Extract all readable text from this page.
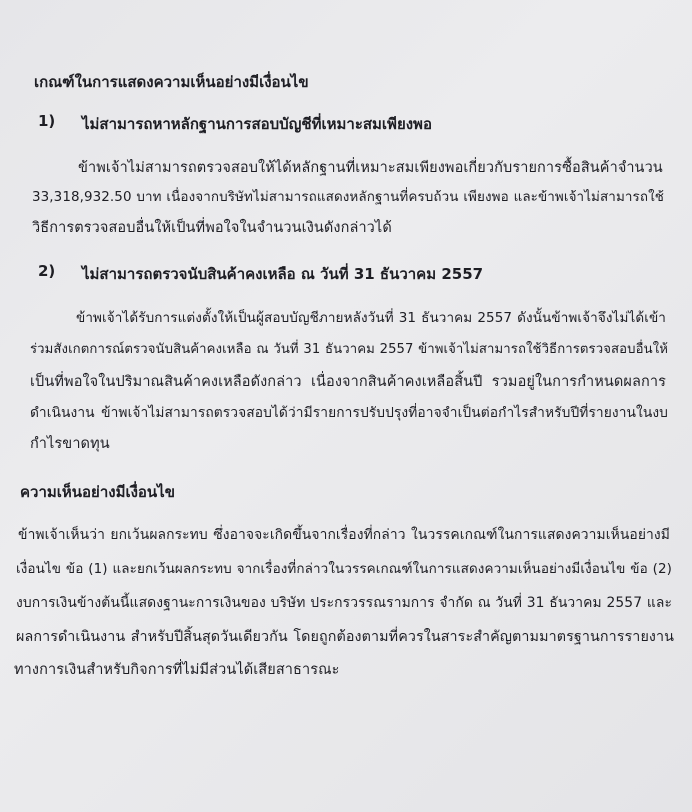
เกณฑ์ในการแสดงความเห็นอย่างมีเงื่อนไข
1) ไม่สามารถหาหลักฐานการสอบบัญชีที่เหมาะสมเพียงพอ

ข้าพเจ้าไม่สามารถตรวจสอบให้ได้หลักฐานที่เหมาะสมเพียงพอเกี่ยวกับรายการซื้อสินค้าจำนวน

33,318,932.50 บาท เนื่องจากบริษัทไม่สามารถแสดงหลักฐานที่ครบถ้วน เพียงพอ และข้าพเจ้าไม่สามารถใช้

วิธีการตรวจสอบอื่นให้เป็นที่พอใจในจำนวนเงินดังกล่าวได้

2) ไม่สามารถตรวจนับสินค้าคงเหลือ ณ วันที่ 31 ธันวาคม 2557

ข้าพเจ้าได้รับการแต่งตั้งให้เป็นผู้สอบบัญชีภายหลังวันที่ 31 ธันวาคม 2557 ดังนั้นข้าพเจ้าจึงไม่ได้เข้า

ร่วมสังเกตการณ์ตรวจนับสินค้าคงเหลือ ณ วันที่ 31 ธันวาคม 2557 ข้าพเจ้าไม่สามารถใช้วิธีการตรวจสอบอื่นให้

เป็นที่พอใจในปริมาณสินค้าคงเหลือดังกล่าว เนื่องจากสินค้าคงเหลือสิ้นปี รวมอยู่ในการกำหนดผลการ

ดำเนินงาน ข้าพเจ้าไม่สามารถตรวจสอบได้ว่ามีรายการปรับปรุงที่อาจจำเป็นต่อกำไรสำหรับปีที่รายงานในงบ

กำไรขาดทุน

ความเห็นอย่างมีเงื่อนไข

ข้าพเจ้าเห็นว่า ยกเว้นผลกระทบ ซึ่งอาจจะเกิดขึ้นจากเรื่องที่กล่าว ในวรรคเกณฑ์ในการแสดงความเห็นอย่างมี

เงื่อนไข ข้อ (1) และยกเว้นผลกระทบ จากเรื่องที่กล่าวในวรรคเกณฑ์ในการแสดงความเห็นอย่างมีเงื่อนไข ข้อ (2)

งบการเงินข้างต้นนี้แสดงฐานะการเงินของ บริษัท ประกรวรรณรามการ จำกัด ณ วันที่ 31 ธันวาคม 2557 และ

ผลการดำเนินงาน สำหรับปีสิ้นสุดวันเดียวกัน โดยถูกต้องตามที่ควรในสาระสำคัญตามมาตรฐานการรายงาน

ทางการเงินสำหรับกิจการที่ไม่มีส่วนได้เสียสาธารณะ
